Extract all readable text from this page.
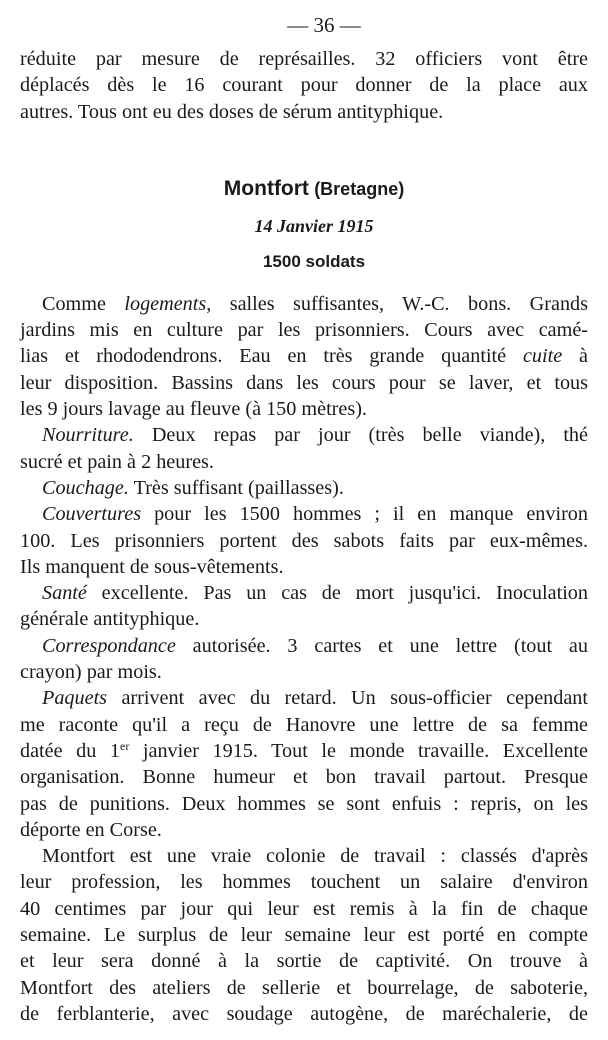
— 36 —
réduite par mesure de représailles. 32 officiers vont être
déplacés dès le 16 courant pour donner de la place aux
autres. Tous ont eu des doses de sérum antityphique.
Montfort (Bretagne)
14 Janvier 1915
1500 soldats
Comme logements, salles suffisantes, W.-C. bons. Grands
jardins mis en culture par les prisonniers. Cours avec camé-
lias et rhododendrons. Eau en très grande quantité cuite à
leur disposition. Bassins dans les cours pour se laver, et tous
les 9 jours lavage au fleuve (à 150 mètres).
Nourriture. Deux repas par jour (très belle viande), thé
sucré et pain à 2 heures.
Couchage. Très suffisant (paillasses).
Couvertures pour les 1500 hommes ; il en manque environ
100. Les prisonniers portent des sabots faits par eux-mêmes.
Ils manquent de sous-vêtements.
Santé excellente. Pas un cas de mort jusqu'ici. Inoculation
générale antityphique.
Correspondance autorisée. 3 cartes et une lettre (tout au
crayon) par mois.
Paquets arrivent avec du retard. Un sous-officier cependant
me raconte qu'il a reçu de Hanovre une lettre de sa femme
datée du 1er janvier 1915. Tout le monde travaille. Excellente
organisation. Bonne humeur et bon travail partout. Presque
pas de punitions. Deux hommes se sont enfuis : repris, on les
déporte en Corse.
Montfort est une vraie colonie de travail : classés d'après
leur profession, les hommes touchent un salaire d'environ
40 centimes par jour qui leur est remis à la fin de chaque
semaine. Le surplus de leur semaine leur est porté en compte
et leur sera donné à la sortie de captivité. On trouve à
Montfort des ateliers de sellerie et bourrelage, de saboterie,
de ferblanterie, avec soudage autogène, de maréchalerie, de
